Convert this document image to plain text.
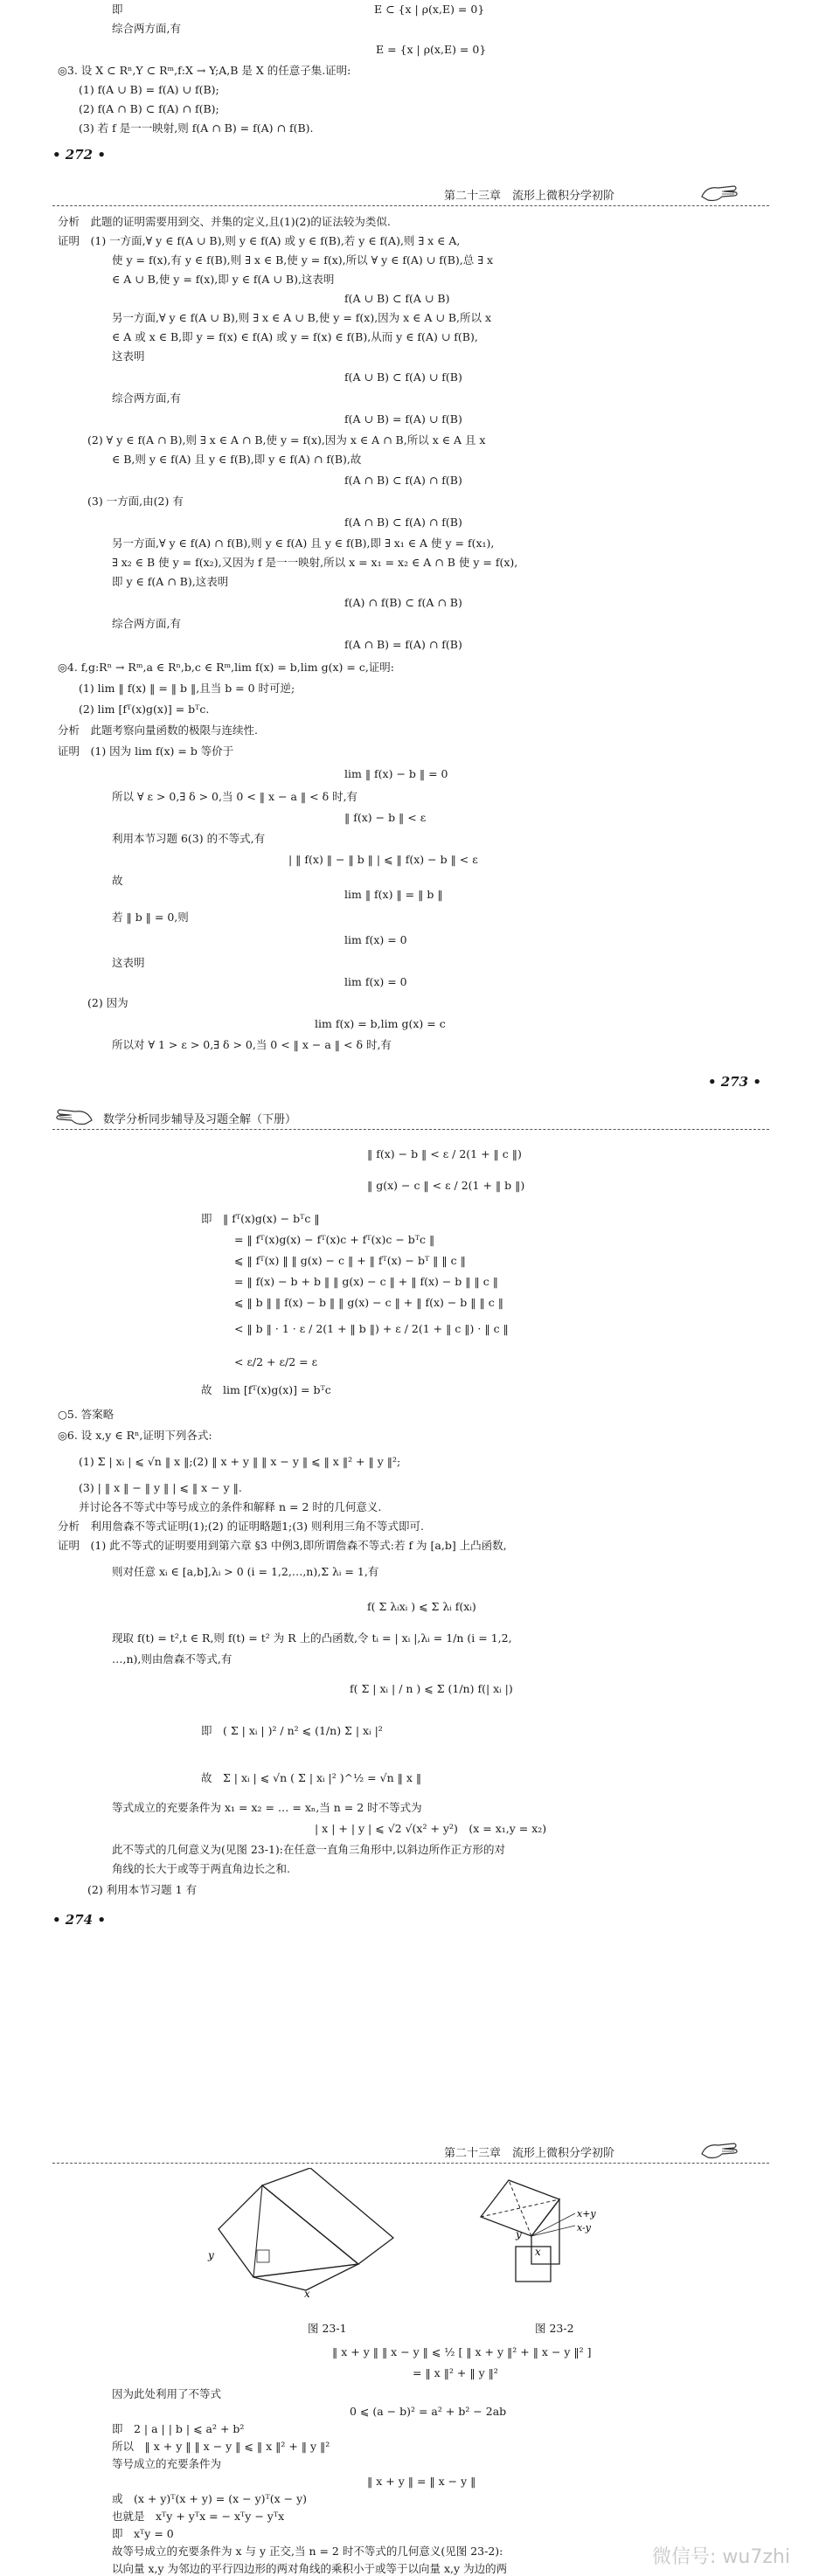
即	E ⊂ {x | ρ(x,E) = 0}
综合两方面,有
E = {x | ρ(x,E) = 0}
◎3. 设 X ⊂ Rⁿ,Y ⊂ Rᵐ,f:X → Y;A,B 是 X 的任意子集.证明:
(1) f(A ∪ B) = f(A) ∪ f(B);
(2) f(A ∩ B) ⊂ f(A) ∩ f(B);
(3) 若 f 是一一映射,则 f(A ∩ B) = f(A) ∩ f(B).
• 272 •
第二十三章　流形上微积分学初阶
分析　此题的证明需要用到交、并集的定义,且(1)(2)的证法较为类似.
证明　(1) 一方面,∀ y ∈ f(A ∪ B),则 y ∈ f(A) 或 y ∈ f(B),若 y ∈ f(A),则 ∃ x ∈ A,
使 y = f(x),有 y ∈ f(B),则 ∃ x ∈ B,使 y = f(x),所以 ∀ y ∈ f(A) ∪ f(B),总 ∃ x
∈ A ∪ B,使 y = f(x),即 y ∈ f(A ∪ B),这表明
f(A ∪ B) ⊂ f(A ∪ B)
另一方面,∀ y ∈ f(A ∪ B),则 ∃ x ∈ A ∪ B,使 y = f(x),因为 x ∈ A ∪ B,所以 x
∈ A 或 x ∈ B,即 y = f(x) ∈ f(A) 或 y = f(x) ∈ f(B),从而 y ∈ f(A) ∪ f(B),
这表明
f(A ∪ B) ⊂ f(A) ∪ f(B)
综合两方面,有
f(A ∪ B) = f(A) ∪ f(B)
(2) ∀ y ∈ f(A ∩ B),则 ∃ x ∈ A ∩ B,使 y = f(x),因为 x ∈ A ∩ B,所以 x ∈ A 且 x
∈ B,则 y ∈ f(A) 且 y ∈ f(B),即 y ∈ f(A) ∩ f(B),故
f(A ∩ B) ⊂ f(A) ∩ f(B)
(3) 一方面,由(2) 有
f(A ∩ B) ⊂ f(A) ∩ f(B)
另一方面,∀ y ∈ f(A) ∩ f(B),则 y ∈ f(A) 且 y ∈ f(B),即 ∃ x₁ ∈ A 使 y = f(x₁),
∃ x₂ ∈ B 使 y = f(x₂),又因为 f 是一一映射,所以 x = x₁ = x₂ ∈ A ∩ B 使 y = f(x),
即 y ∈ f(A ∩ B),这表明
f(A) ∩ f(B) ⊂ f(A ∩ B)
综合两方面,有
f(A ∩ B) = f(A) ∩ f(B)
◎4. f,g:Rⁿ → Rᵐ,a ∈ Rⁿ,b,c ∈ Rᵐ,lim f(x) = b,lim g(x) = c,证明:
(1) lim ‖ f(x) ‖ = ‖ b ‖,且当 b = 0 时可逆;
(2) lim [fᵀ(x)g(x)] = bᵀc.
分析　此题考察向量函数的极限与连续性.
证明　(1) 因为 lim f(x) = b 等价于
lim ‖ f(x) − b ‖ = 0
所以 ∀ ε > 0,∃ δ > 0,当 0 < ‖ x − a ‖ < δ 时,有
‖ f(x) − b ‖ < ε
利用本节习题 6(3) 的不等式,有
| ‖ f(x) ‖ − ‖ b ‖ | ⩽ ‖ f(x) − b ‖ < ε
故
lim ‖ f(x) ‖ = ‖ b ‖
若 ‖ b ‖ = 0,则
lim f(x) = 0
这表明
lim f(x) = 0
(2) 因为
lim f(x) = b,lim g(x) = c
所以对 ∀ 1 > ε > 0,∃ δ > 0,当 0 < ‖ x − a ‖ < δ 时,有
• 273 •
数学分析同步辅导及习题全解（下册）
‖ f(x) − b ‖ < ε / 2(1 + ‖ c ‖)
‖ g(x) − c ‖ < ε / 2(1 + ‖ b ‖)
即　‖ fᵀ(x)g(x) − bᵀc ‖
= ‖ fᵀ(x)g(x) − fᵀ(x)c + fᵀ(x)c − bᵀc ‖
⩽ ‖ fᵀ(x) ‖ ‖ g(x) − c ‖ + ‖ fᵀ(x) − bᵀ ‖ ‖ c ‖
= ‖ f(x) − b + b ‖ ‖ g(x) − c ‖ + ‖ f(x) − b ‖ ‖ c ‖
⩽ ‖ b ‖ ‖ f(x) − b ‖ ‖ g(x) − c ‖ + ‖ f(x) − b ‖ ‖ c ‖
< ‖ b ‖ · 1 · ε / 2(1 + ‖ b ‖) + ε / 2(1 + ‖ c ‖) · ‖ c ‖
< ε/2 + ε/2 = ε
故　lim [fᵀ(x)g(x)] = bᵀc
○5. 答案略
◎6. 设 x,y ∈ Rⁿ,证明下列各式:
(1) Σ | xᵢ | ⩽ √n ‖ x ‖;(2) ‖ x + y ‖ ‖ x − y ‖ ⩽ ‖ x ‖² + ‖ y ‖²;
(3) | ‖ x ‖ − ‖ y ‖ | ⩽ ‖ x − y ‖.
并讨论各不等式中等号成立的条件和解释 n = 2 时的几何意义.
分析　利用詹森不等式证明(1);(2) 的证明略题1;(3) 则利用三角不等式即可.
证明　(1) 此不等式的证明要用到第六章 §3 中例3,即所谓詹森不等式:若 f 为 [a,b] 上凸函数,
则对任意 xᵢ ∈ [a,b],λᵢ > 0 (i = 1,2,…,n),Σ λᵢ = 1,有
f( Σ λᵢxᵢ ) ⩽ Σ λᵢ f(xᵢ)
现取 f(t) = t²,t ∈ R,则 f(t) = t² 为 R 上的凸函数,令 tᵢ = | xᵢ |,λᵢ = 1/n (i = 1,2,
…,n),则由詹森不等式,有
f( Σ | xᵢ | / n ) ⩽ Σ (1/n) f(| xᵢ |)
即　( Σ | xᵢ | )² / n² ⩽ (1/n) Σ | xᵢ |²
故　Σ | xᵢ | ⩽ √n ( Σ | xᵢ |² )^½ = √n ‖ x ‖
等式成立的充要条件为 x₁ = x₂ = … = xₙ,当 n = 2 时不等式为
| x | + | y | ⩽ √2 √(x² + y²)　(x = x₁,y = x₂)
此不等式的几何意义为(见图 23-1):在任意一直角三角形中,以斜边所作正方形的对
角线的长大于或等于两直角边长之和.
(2) 利用本节习题 1 有
• 274 •
第二十三章　流形上微积分学初阶
y
x
x+y
x-y
y
x
图 23-1	图 23-2
‖ x + y ‖ ‖ x − y ‖ ⩽ ½ [ ‖ x + y ‖² + ‖ x − y ‖² ]
= ‖ x ‖² + ‖ y ‖²
因为此处利用了不等式
0 ⩽ (a − b)² = a² + b² − 2ab
即　2 | a | | b | ⩽ a² + b²
所以　‖ x + y ‖ ‖ x − y ‖ ⩽ ‖ x ‖² + ‖ y ‖²
等号成立的充要条件为
‖ x + y ‖ = ‖ x − y ‖
或　(x + y)ᵀ(x + y) = (x − y)ᵀ(x − y)
也就是　xᵀy + yᵀx = − xᵀy − yᵀx
即　xᵀy = 0
故等号成立的充要条件为 x 与 y 正交,当 n = 2 时不等式的几何意义(见图 23-2):
以向量 x,y 为邻边的平行四边形的两对角线的乘积小于或等于以向量 x,y 为边的两
微信号: wu7zhi
